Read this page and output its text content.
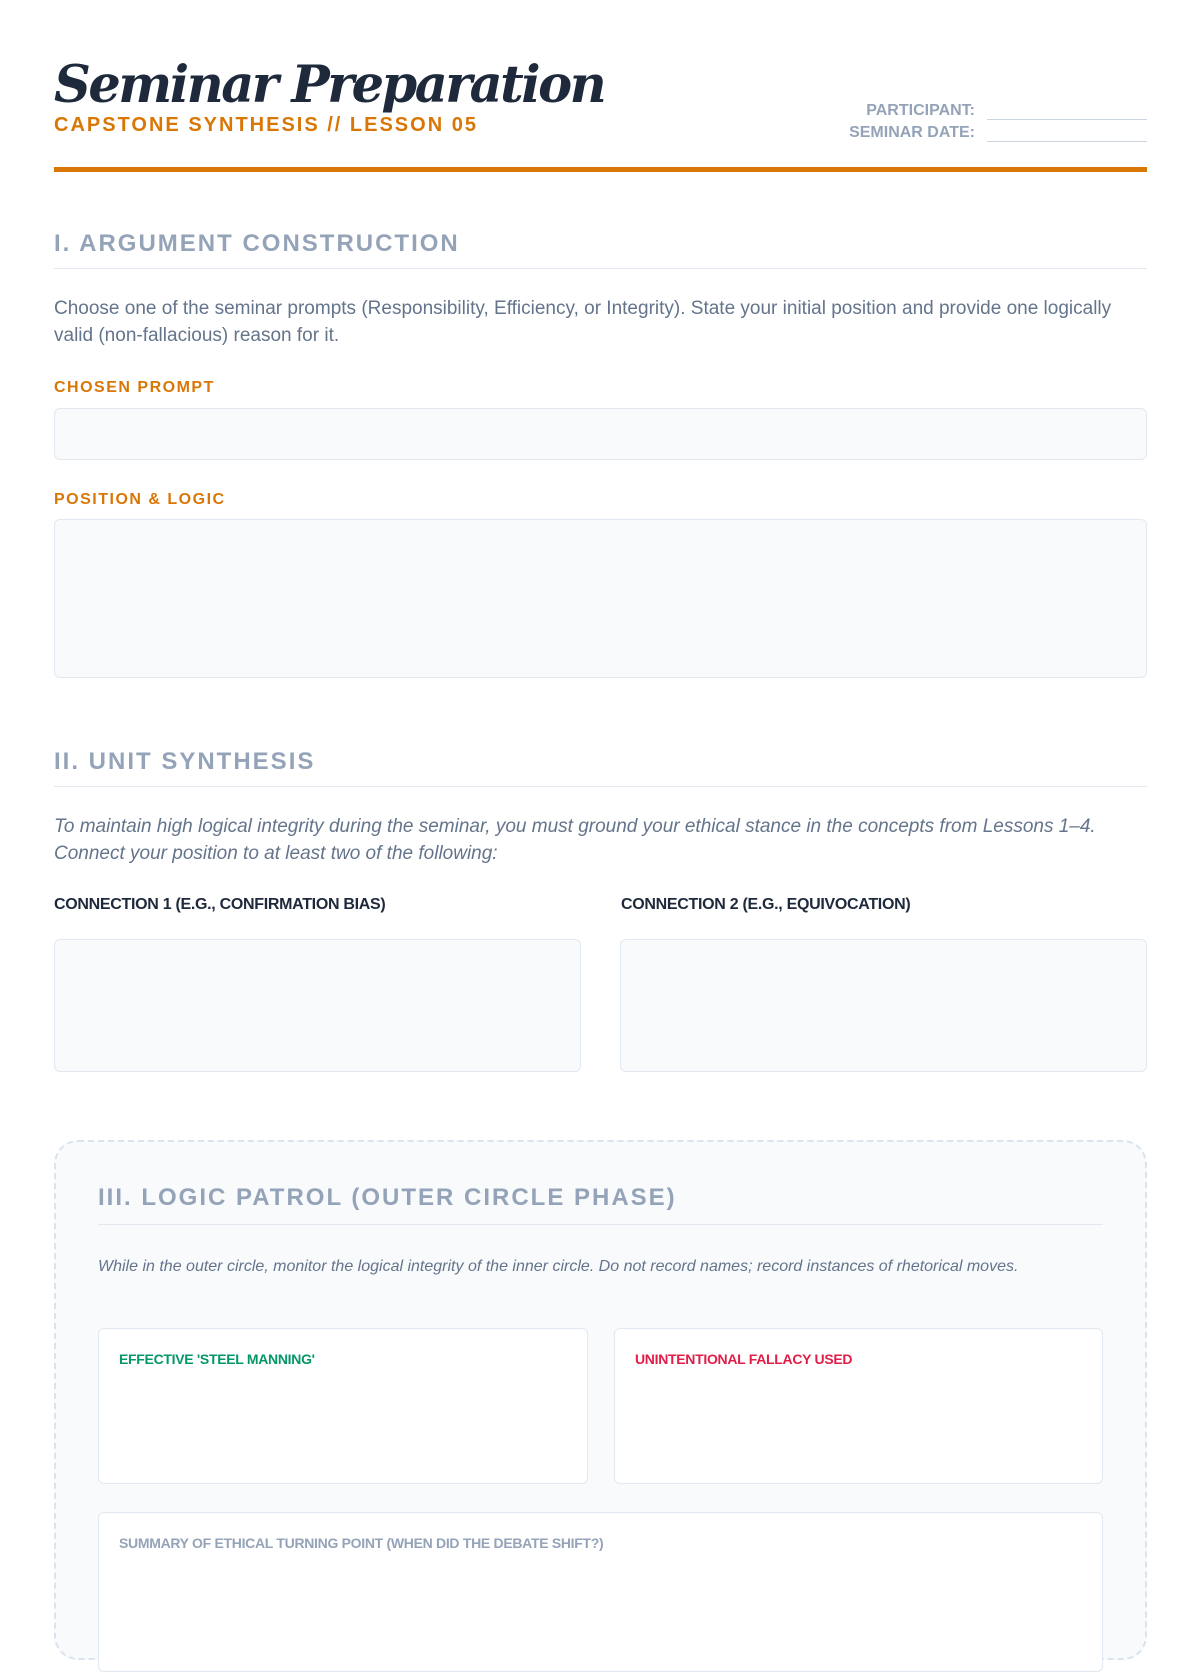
Seminar Preparation
CAPSTONE SYNTHESIS // LESSON 05
PARTICIPANT:
SEMINAR DATE:
I. ARGUMENT CONSTRUCTION
Choose one of the seminar prompts (Responsibility, Efficiency, or Integrity). State your initial position and provide one logically valid (non-fallacious) reason for it.
CHOSEN PROMPT
POSITION & LOGIC
II. UNIT SYNTHESIS
To maintain high logical integrity during the seminar, you must ground your ethical stance in the concepts from Lessons 1–4. Connect your position to at least two of the following:
CONNECTION 1 (E.G., CONFIRMATION BIAS)	CONNECTION 2 (E.G., EQUIVOCATION)
III. LOGIC PATROL (OUTER CIRCLE PHASE)
While in the outer circle, monitor the logical integrity of the inner circle. Do not record names; record instances of rhetorical moves.
EFFECTIVE 'STEEL MANNING'	UNINTENTIONAL FALLACY USED
SUMMARY OF ETHICAL TURNING POINT (WHEN DID THE DEBATE SHIFT?)
